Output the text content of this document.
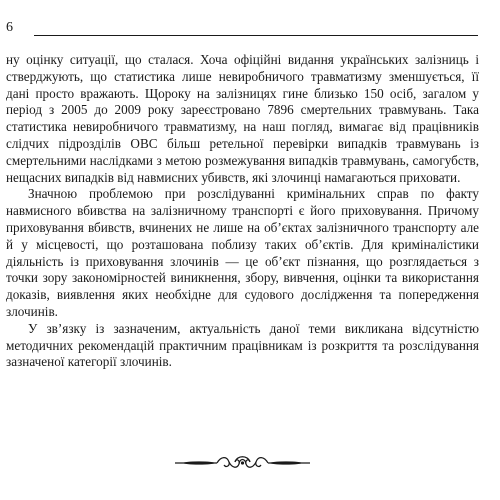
6

ну оцінку ситуації, що сталася. Хоча офіційні видання українських залізниць і стверджують, що статистика лише невиробничого травматизму зменшується, її дані просто вражають. Щороку на залізницях гине близько 150 осіб, загалом у період з 2005 до 2009 року зареєстровано 7896 смертельних травмувань. Така статистика невиробничого травматизму, на наш погляд, вимагає від працівників слідчих підрозділів ОВС більш ретельної перевірки випадків травмувань із смертельними наслідками з метою розмежування випадків травмувань, самогубств, нещасних випадків від навмисних убивств, які злочинці намагаються приховати.

Значною проблемою при розслідуванні кримінальних справ по факту навмисного вбивства на залізничному транспорті є його приховування. Причому приховування вбивств, вчинених не лише на об’єктах залізничного транспорту але й у місцевості, що розташована поблизу таких об’єктів. Для криміналістики діяльність із приховування злочинів — це об’єкт пізнання, що розглядається з точки зору закономірностей виникнення, збору, вивчення, оцінки та використання доказів, виявлення яких необхідне для судового дослідження та попередження злочинів.

У зв’язку із зазначеним, актуальність даної теми викликана відсутністю методичних рекомендацій практичним працівникам із розкриття та розслідування зазначеної категорії злочинів.
